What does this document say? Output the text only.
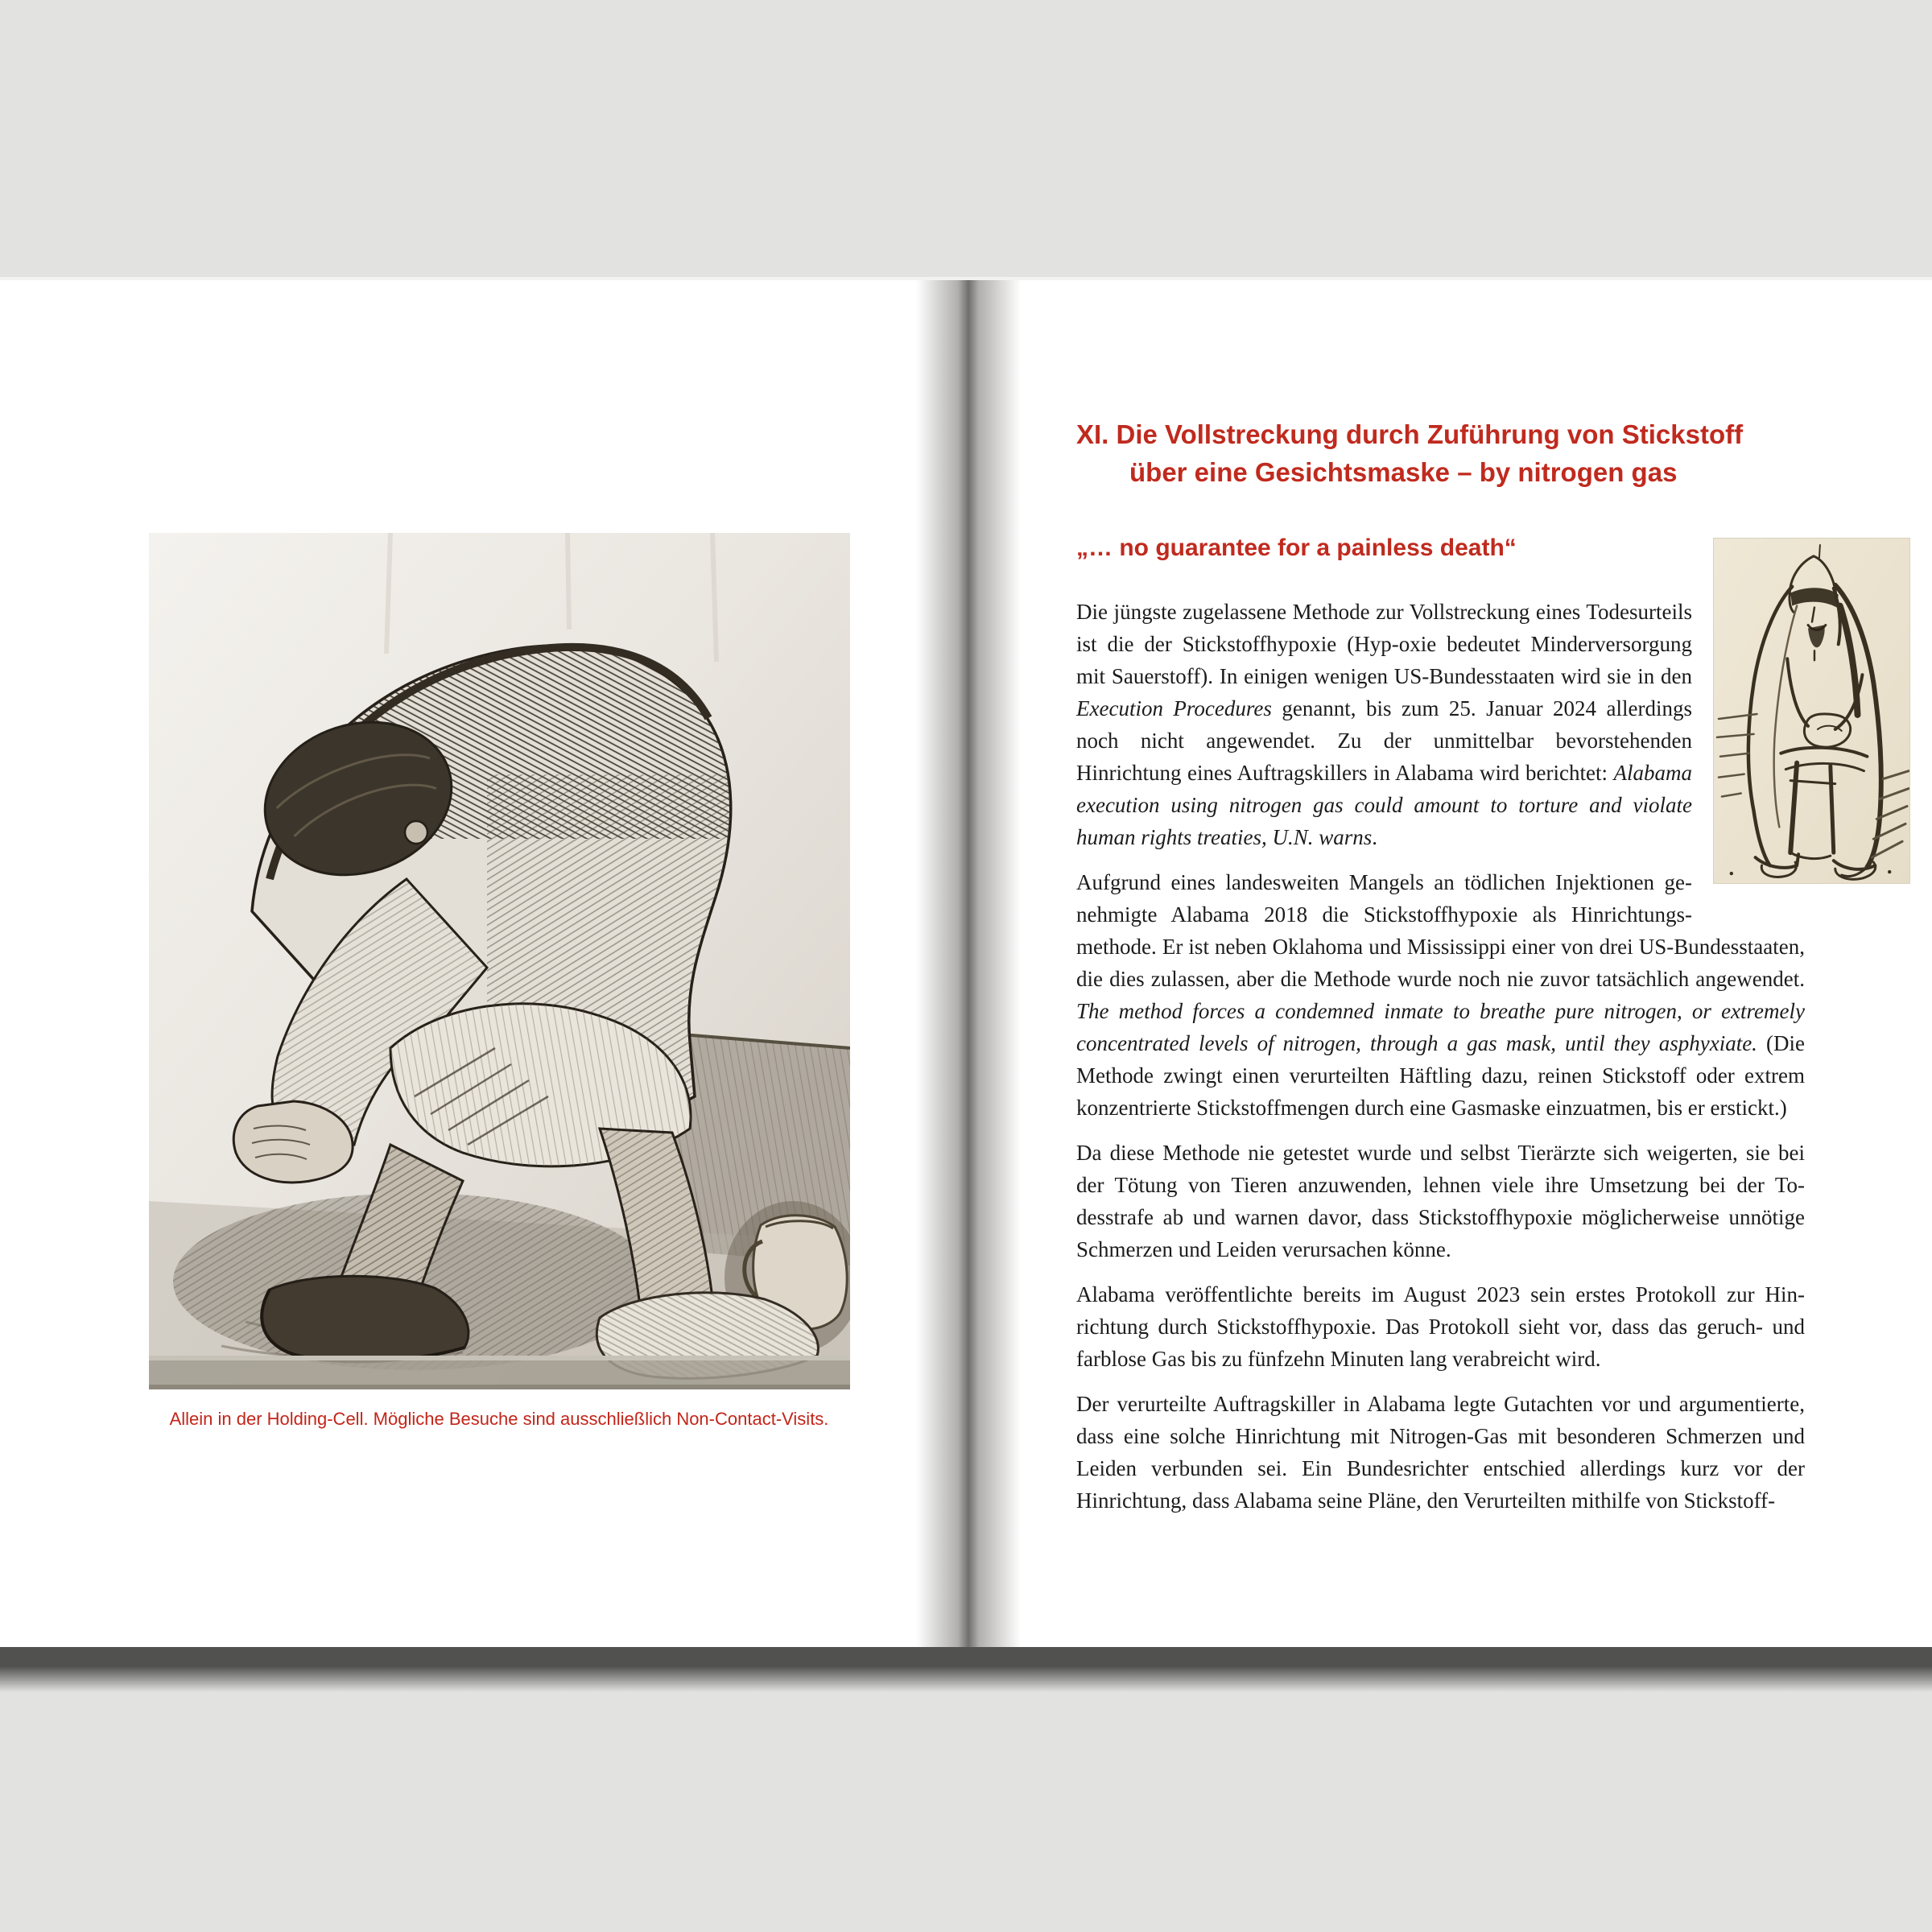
Allein in der Holding-Cell. Mögliche Besuche sind ausschließlich Non-Contact-Visits.
XI. Die Vollstreckung durch Zuführung von Stickstoff
über eine Gesichtsmaske – by nitrogen gas
„… no guarantee for a painless death“

Die jüngste zugelassene Methode zur Vollstreckung eines Todesurteils ist die der Stickstoffhypoxie (Hyp-oxie bedeutet Minderversorgung mit Sauerstoff). In einigen wenigen US-Bundesstaaten wird sie in den Execution Procedures genannt, bis zum 25. Januar 2024 allerdings noch nicht angewendet. Zu der unmittelbar bevorstehenden Hinrichtung eines Auftragskillers in Alabama wird berichtet: Alabama execution using nitrogen gas could amount to torture and violate human rights treaties, U.N. warns.

Aufgrund eines landesweiten Mangels an tödlichen Injektionen genehmigte Alabama 2018 die Stickstoffhypoxie als Hinrichtungsmethode. Er ist neben Oklahoma und Mississippi einer von drei US-Bundesstaaten, die dies zulassen, aber die Methode wurde noch nie zuvor tatsächlich angewendet. The method forces a condemned inmate to breathe pure nitrogen, or extremely concentrated levels of nitrogen, through a gas mask, until they asphyxiate. (Die Methode zwingt einen verurteilten Häftling dazu, reinen Stickstoff oder extrem konzentrierte Stickstoffmengen durch eine Gasmaske einzuatmen, bis er erstickt.)

Da diese Methode nie getestet wurde und selbst Tierärzte sich weigerten, sie bei der Tötung von Tieren anzuwenden, lehnen viele ihre Umsetzung bei der Todesstrafe ab und warnen davor, dass Stickstoffhypoxie möglicherweise unnötige Schmerzen und Leiden verursachen könne.

Alabama veröffentlichte bereits im August 2023 sein erstes Protokoll zur Hinrichtung durch Stickstoffhypoxie. Das Protokoll sieht vor, dass das geruch- und farblose Gas bis zu fünfzehn Minuten lang verabreicht wird.

Der verurteilte Auftragskiller in Alabama legte Gutachten vor und argumentierte, dass eine solche Hinrichtung mit Nitrogen-Gas mit besonderen Schmerzen und Leiden verbunden sei. Ein Bundesrichter entschied allerdings kurz vor der Hinrichtung, dass Alabama seine Pläne, den Verurteilten mithilfe von Stickstoff-
